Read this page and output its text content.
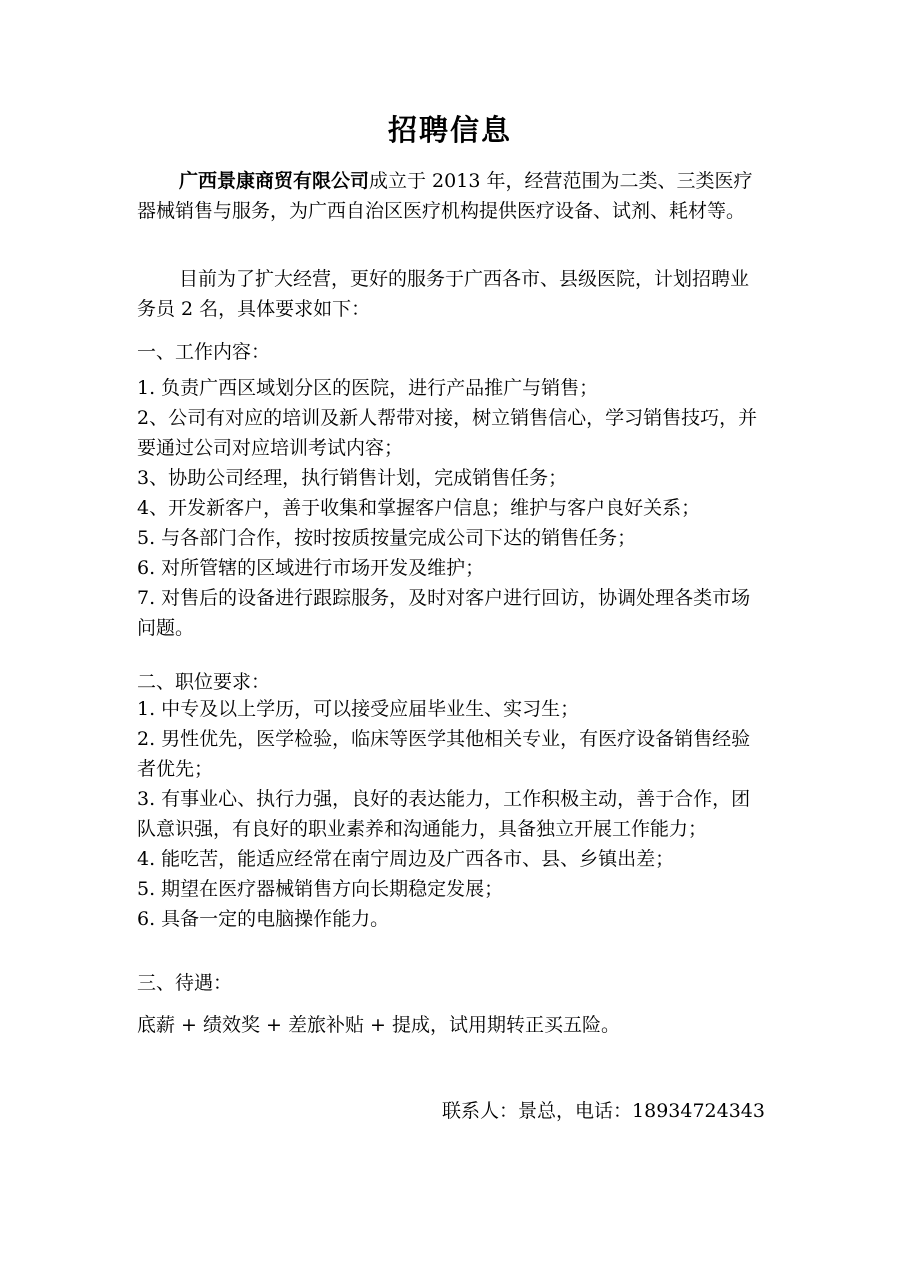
招聘信息
广西景康商贸有限公司成立于 2013 年，经营范围为二类、三类医疗器械销售与服务，为广西自治区医疗机构提供医疗设备、试剂、耗材等。
目前为了扩大经营，更好的服务于广西各市、县级医院，计划招聘业务员 2 名，具体要求如下：
一、工作内容：
1. 负责广西区域划分区的医院，进行产品推广与销售；
2、公司有对应的培训及新人帮带对接，树立销售信心，学习销售技巧，并要通过公司对应培训考试内容；
3、协助公司经理，执行销售计划，完成销售任务；
4、开发新客户，善于收集和掌握客户信息；维护与客户良好关系；
5. 与各部门合作，按时按质按量完成公司下达的销售任务；
6. 对所管辖的区域进行市场开发及维护；
7. 对售后的设备进行跟踪服务，及时对客户进行回访，协调处理各类市场问题。
二、职位要求：
1. 中专及以上学历，可以接受应届毕业生、实习生；
2. 男性优先，医学检验，临床等医学其他相关专业，有医疗设备销售经验者优先；
3. 有事业心、执行力强，良好的表达能力，工作积极主动，善于合作，团队意识强，有良好的职业素养和沟通能力，具备独立开展工作能力；
4. 能吃苦，能适应经常在南宁周边及广西各市、县、乡镇出差；
5. 期望在医疗器械销售方向长期稳定发展；
6. 具备一定的电脑操作能力。
三、待遇：
底薪 + 绩效奖 + 差旅补贴 + 提成，试用期转正买五险。
联系人：景总，电话：18934724343
